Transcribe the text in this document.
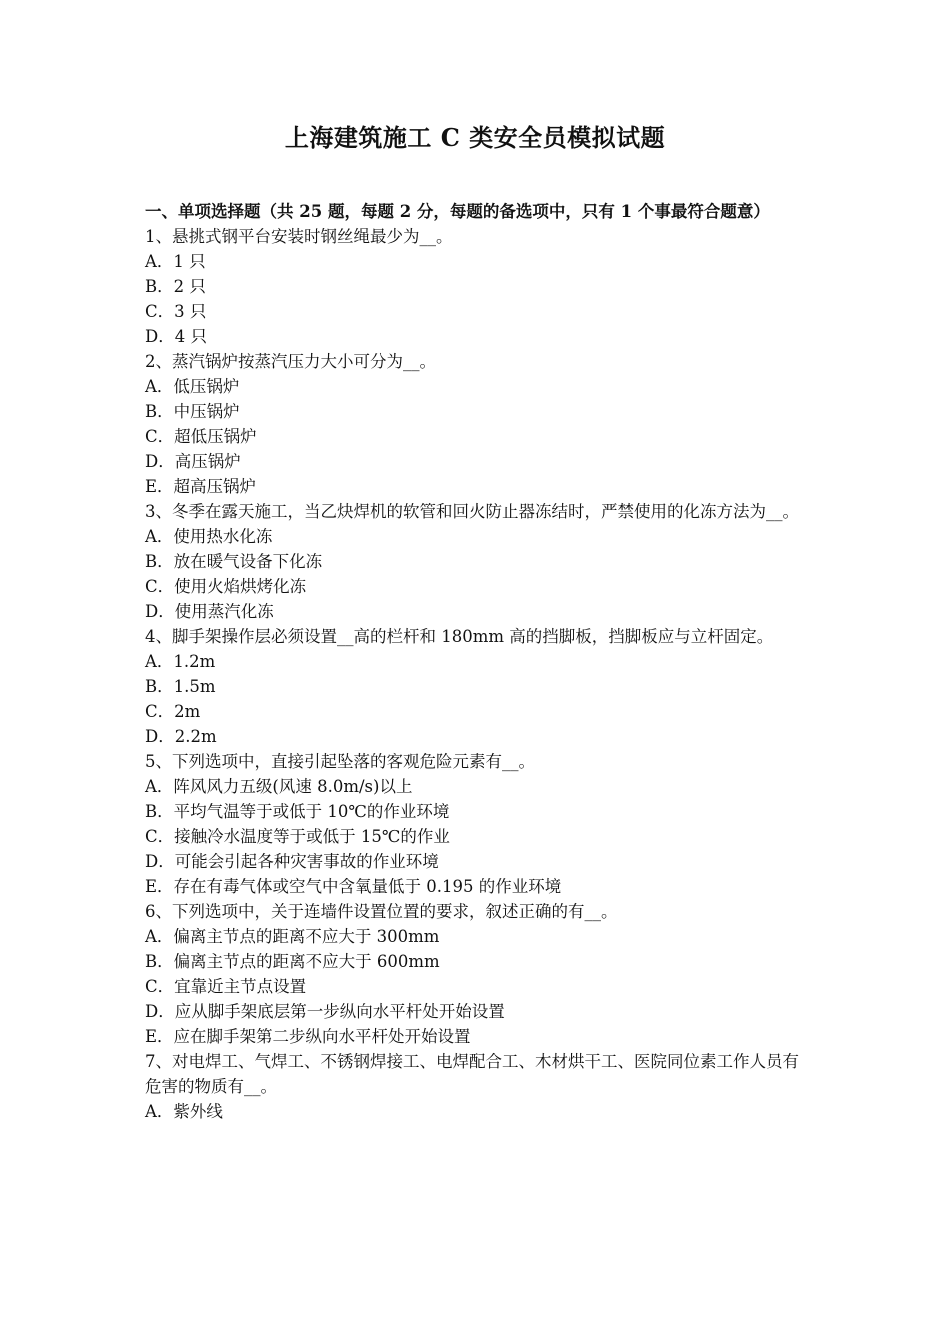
上海建筑施工 C 类安全员模拟试题

一、单项选择题（共 25 题，每题 2 分，每题的备选项中，只有 1 个事最符合题意）

1、悬挑式钢平台安装时钢丝绳最少为__。

A．1 只

B．2 只

C．3 只

D．4 只

2、蒸汽锅炉按蒸汽压力大小可分为__。

A．低压锅炉

B．中压锅炉

C．超低压锅炉

D．高压锅炉

E．超高压锅炉

3、冬季在露天施工，当乙炔焊机的软管和回火防止器冻结时，严禁使用的化冻方法为__。

A．使用热水化冻

B．放在暖气设备下化冻

C．使用火焰烘烤化冻

D．使用蒸汽化冻

4、脚手架操作层必须设置__高的栏杆和 180mm 高的挡脚板，挡脚板应与立杆固定。

A．1.2m

B．1.5m

C．2m

D．2.2m

5、下列选项中，直接引起坠落的客观危险元素有__。

A．阵风风力五级(风速 8.0m/s)以上

B．平均气温等于或低于 10℃的作业环境

C．接触冷水温度等于或低于 15℃的作业

D．可能会引起各种灾害事故的作业环境

E．存在有毒气体或空气中含氧量低于 0.195 的作业环境

6、下列选项中，关于连墙件设置位置的要求，叙述正确的有__。

A．偏离主节点的距离不应大于 300mm

B．偏离主节点的距离不应大于 600mm

C．宜靠近主节点设置

D．应从脚手架底层第一步纵向水平杆处开始设置

E．应在脚手架第二步纵向水平杆处开始设置

7、对电焊工、气焊工、不锈钢焊接工、电焊配合工、木材烘干工、医院同位素工作人员有危害的物质有__。

A．紫外线
